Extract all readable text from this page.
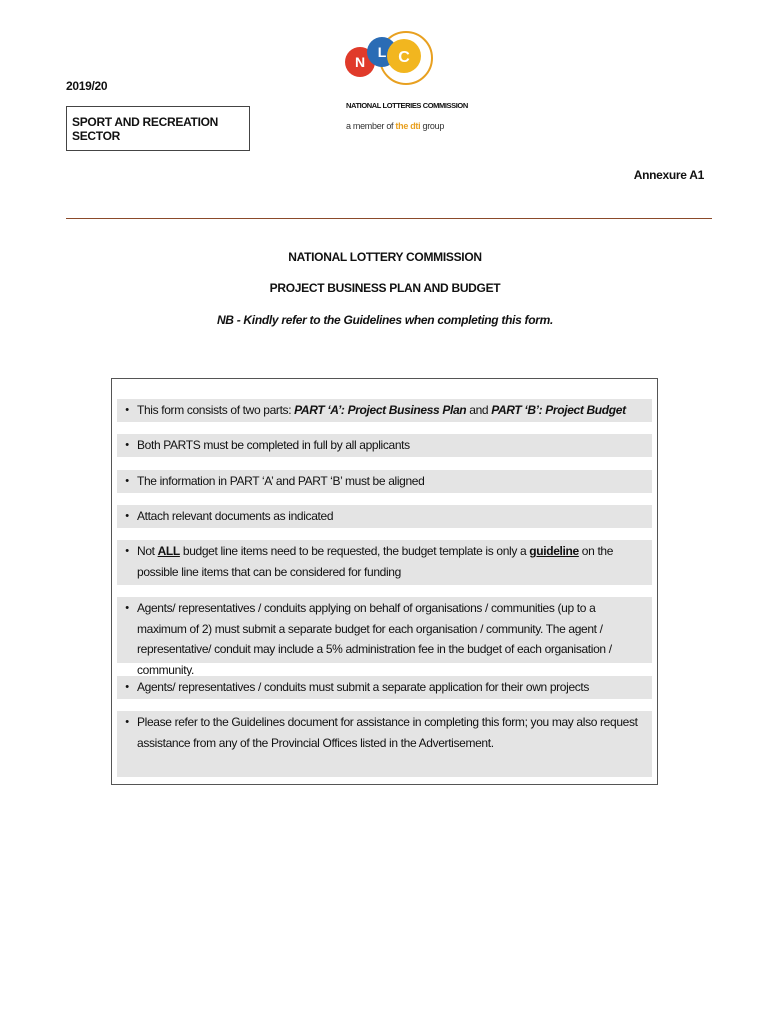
2019/20
SPORT AND RECREATION SECTOR
N
L C
NATIONAL LOTTERIES COMMISSION
a member of the dti group
Annexure A1
NATIONAL LOTTERY COMMISSION
PROJECT BUSINESS PLAN AND BUDGET
NB - Kindly refer to the Guidelines when completing this form.
• This form consists of two parts: PART ‘A’: Project Business Plan and PART ‘B’: Project Budget
• Both PARTS must be completed in full by all applicants
• The information in PART ‘A’ and PART ‘B’ must be aligned
• Attach relevant documents as indicated
• Not ALL budget line items need to be requested, the budget template is only a guideline on the possible line items that can be considered for funding
• Agents/ representatives / conduits applying on behalf of organisations / communities (up to a maximum of 2) must submit a separate budget for each organisation / community. The agent / representative/ conduit may include a 5% administration fee in the budget of each organisation / community.
• Agents/ representatives / conduits must submit a separate application for their own projects
• Please refer to the Guidelines document for assistance in completing this form; you may also request assistance from any of the Provincial Offices listed in the Advertisement.
